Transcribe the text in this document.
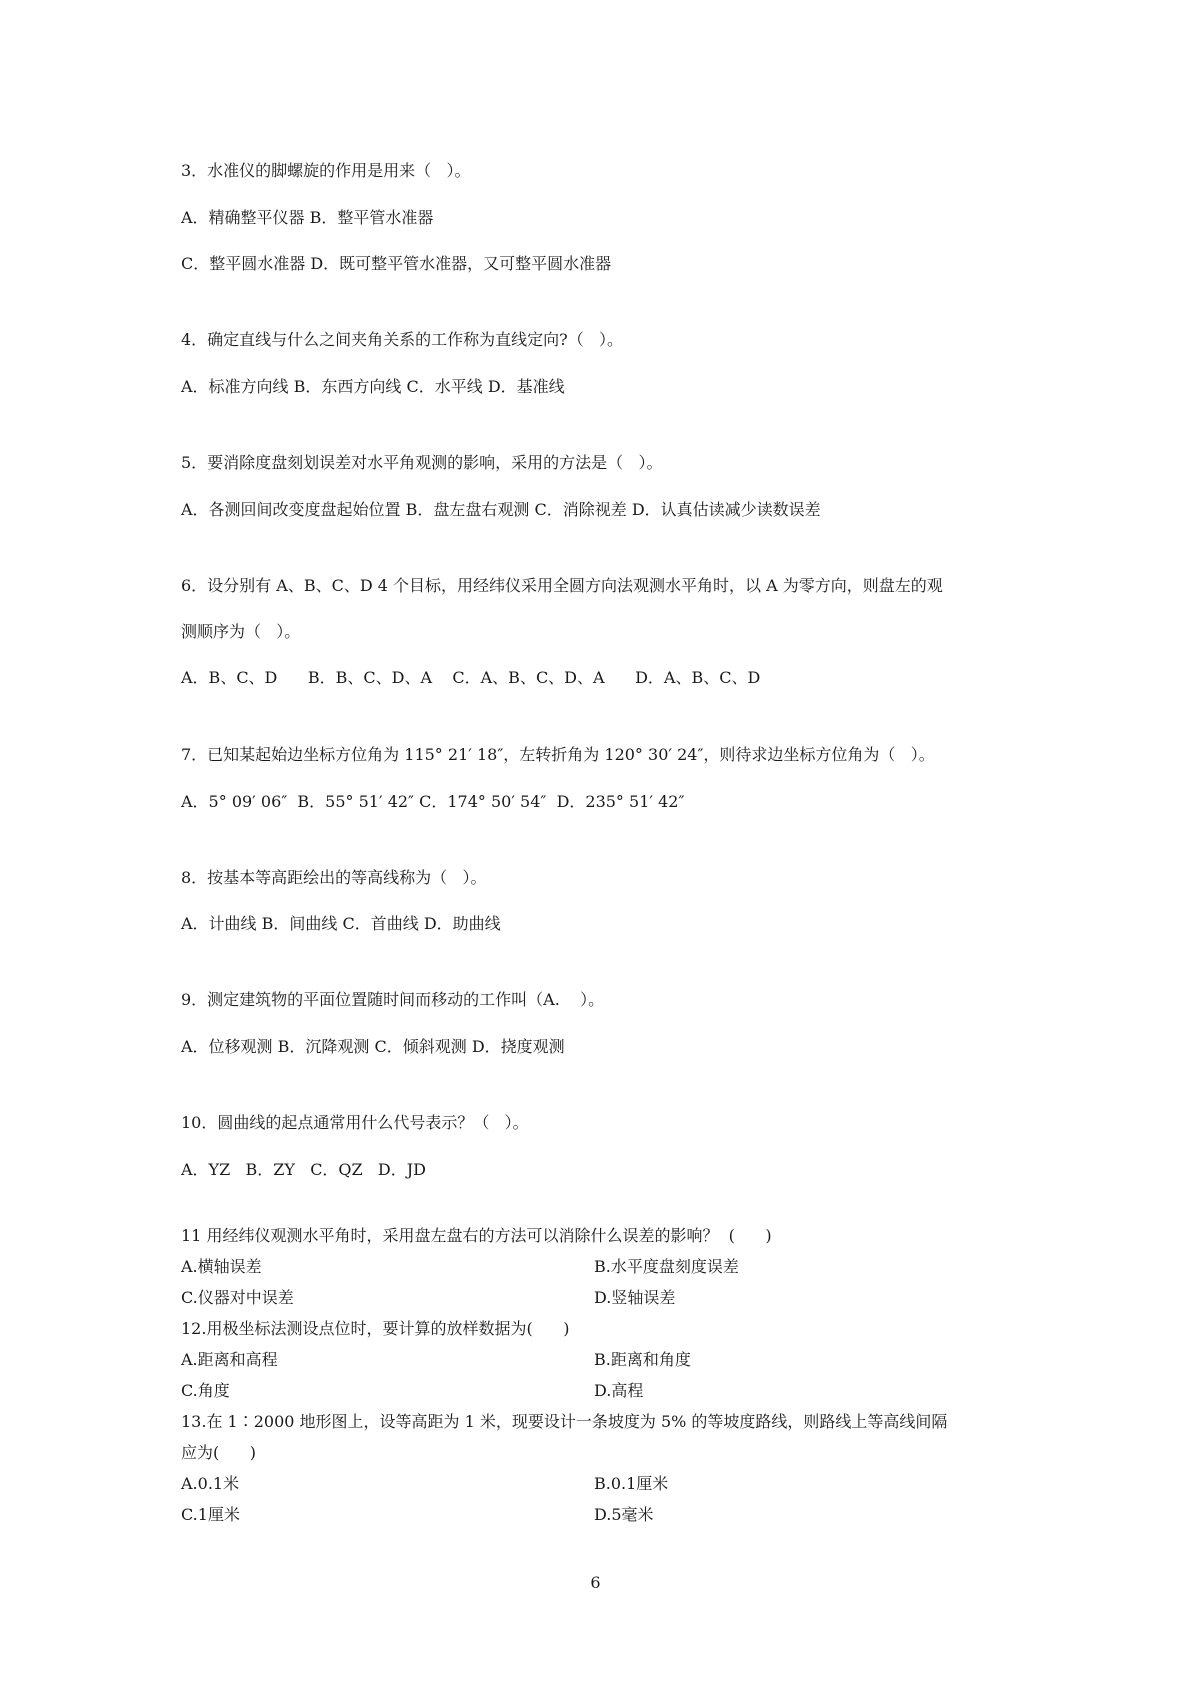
3．水准仪的脚螺旋的作用是用来（   ）。
A．精确整平仪器 B．整平管水准器
C．整平圆水准器 D．既可整平管水准器，又可整平圆水准器
4．确定直线与什么之间夹角关系的工作称为直线定向?（   ）。
A．标准方向线 B．东西方向线 C．水平线 D．基准线
5．要消除度盘刻划误差对水平角观测的影响，采用的方法是（   ）。
A．各测回间改变度盘起始位置 B．盘左盘右观测 C．消除视差 D．认真估读减少读数误差
6．设分别有 A、B、C、D 4 个目标，用经纬仪采用全圆方向法观测水平角时，以 A 为零方向，则盘左的观
测顺序为（   ）。
A．B、C、D      B．B、C、D、A    C．A、B、C、D、A      D．A、B、C、D
7．已知某起始边坐标方位角为 115° 21′ 18″，左转折角为 120° 30′ 24″，则待求边坐标方位角为（   ）。
A．5° 09′ 06″  B．55° 51′ 42″ C．174° 50′ 54″  D．235° 51′ 42″
8．按基本等高距绘出的等高线称为（   ）。
A．计曲线 B．间曲线 C．首曲线 D．助曲线
9．测定建筑物的平面位置随时间而移动的工作叫（A.    ）。
A．位移观测 B．沉降观测 C．倾斜观测 D．挠度观测
10．圆曲线的起点通常用什么代号表示？（   ）。
A．YZ   B．ZY   C．QZ   D．JD
11 用经纬仪观测水平角时，采用盘左盘右的方法可以消除什么误差的影响？  (      )
A.横轴误差	B.水平度盘刻度误差
C.仪器对中误差	D.竖轴误差
12.用极坐标法测设点位时，要计算的放样数据为(      )
A.距离和高程	B.距离和角度
C.角度	D.高程
13.在 1∶2000 地形图上，设等高距为 1 米，现要设计一条坡度为 5% 的等坡度路线，则路线上等高线间隔
应为(      )
A.0.1米	B.0.1厘米
C.1厘米	D.5毫米
6
